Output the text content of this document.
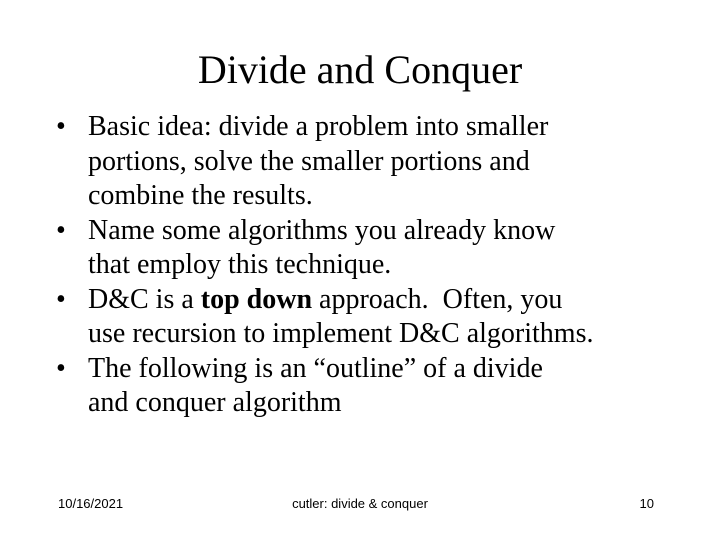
Divide and Conquer
• Basic idea: divide a problem into smaller
portions, solve the smaller portions and
combine the results.
• Name some algorithms you already know
that employ this technique.
• D&C is a top down approach.  Often, you
use recursion to implement D&C algorithms.
• The following is an “outline” of a divide
and conquer algorithm
10/16/2021	cutler: divide & conquer	10
